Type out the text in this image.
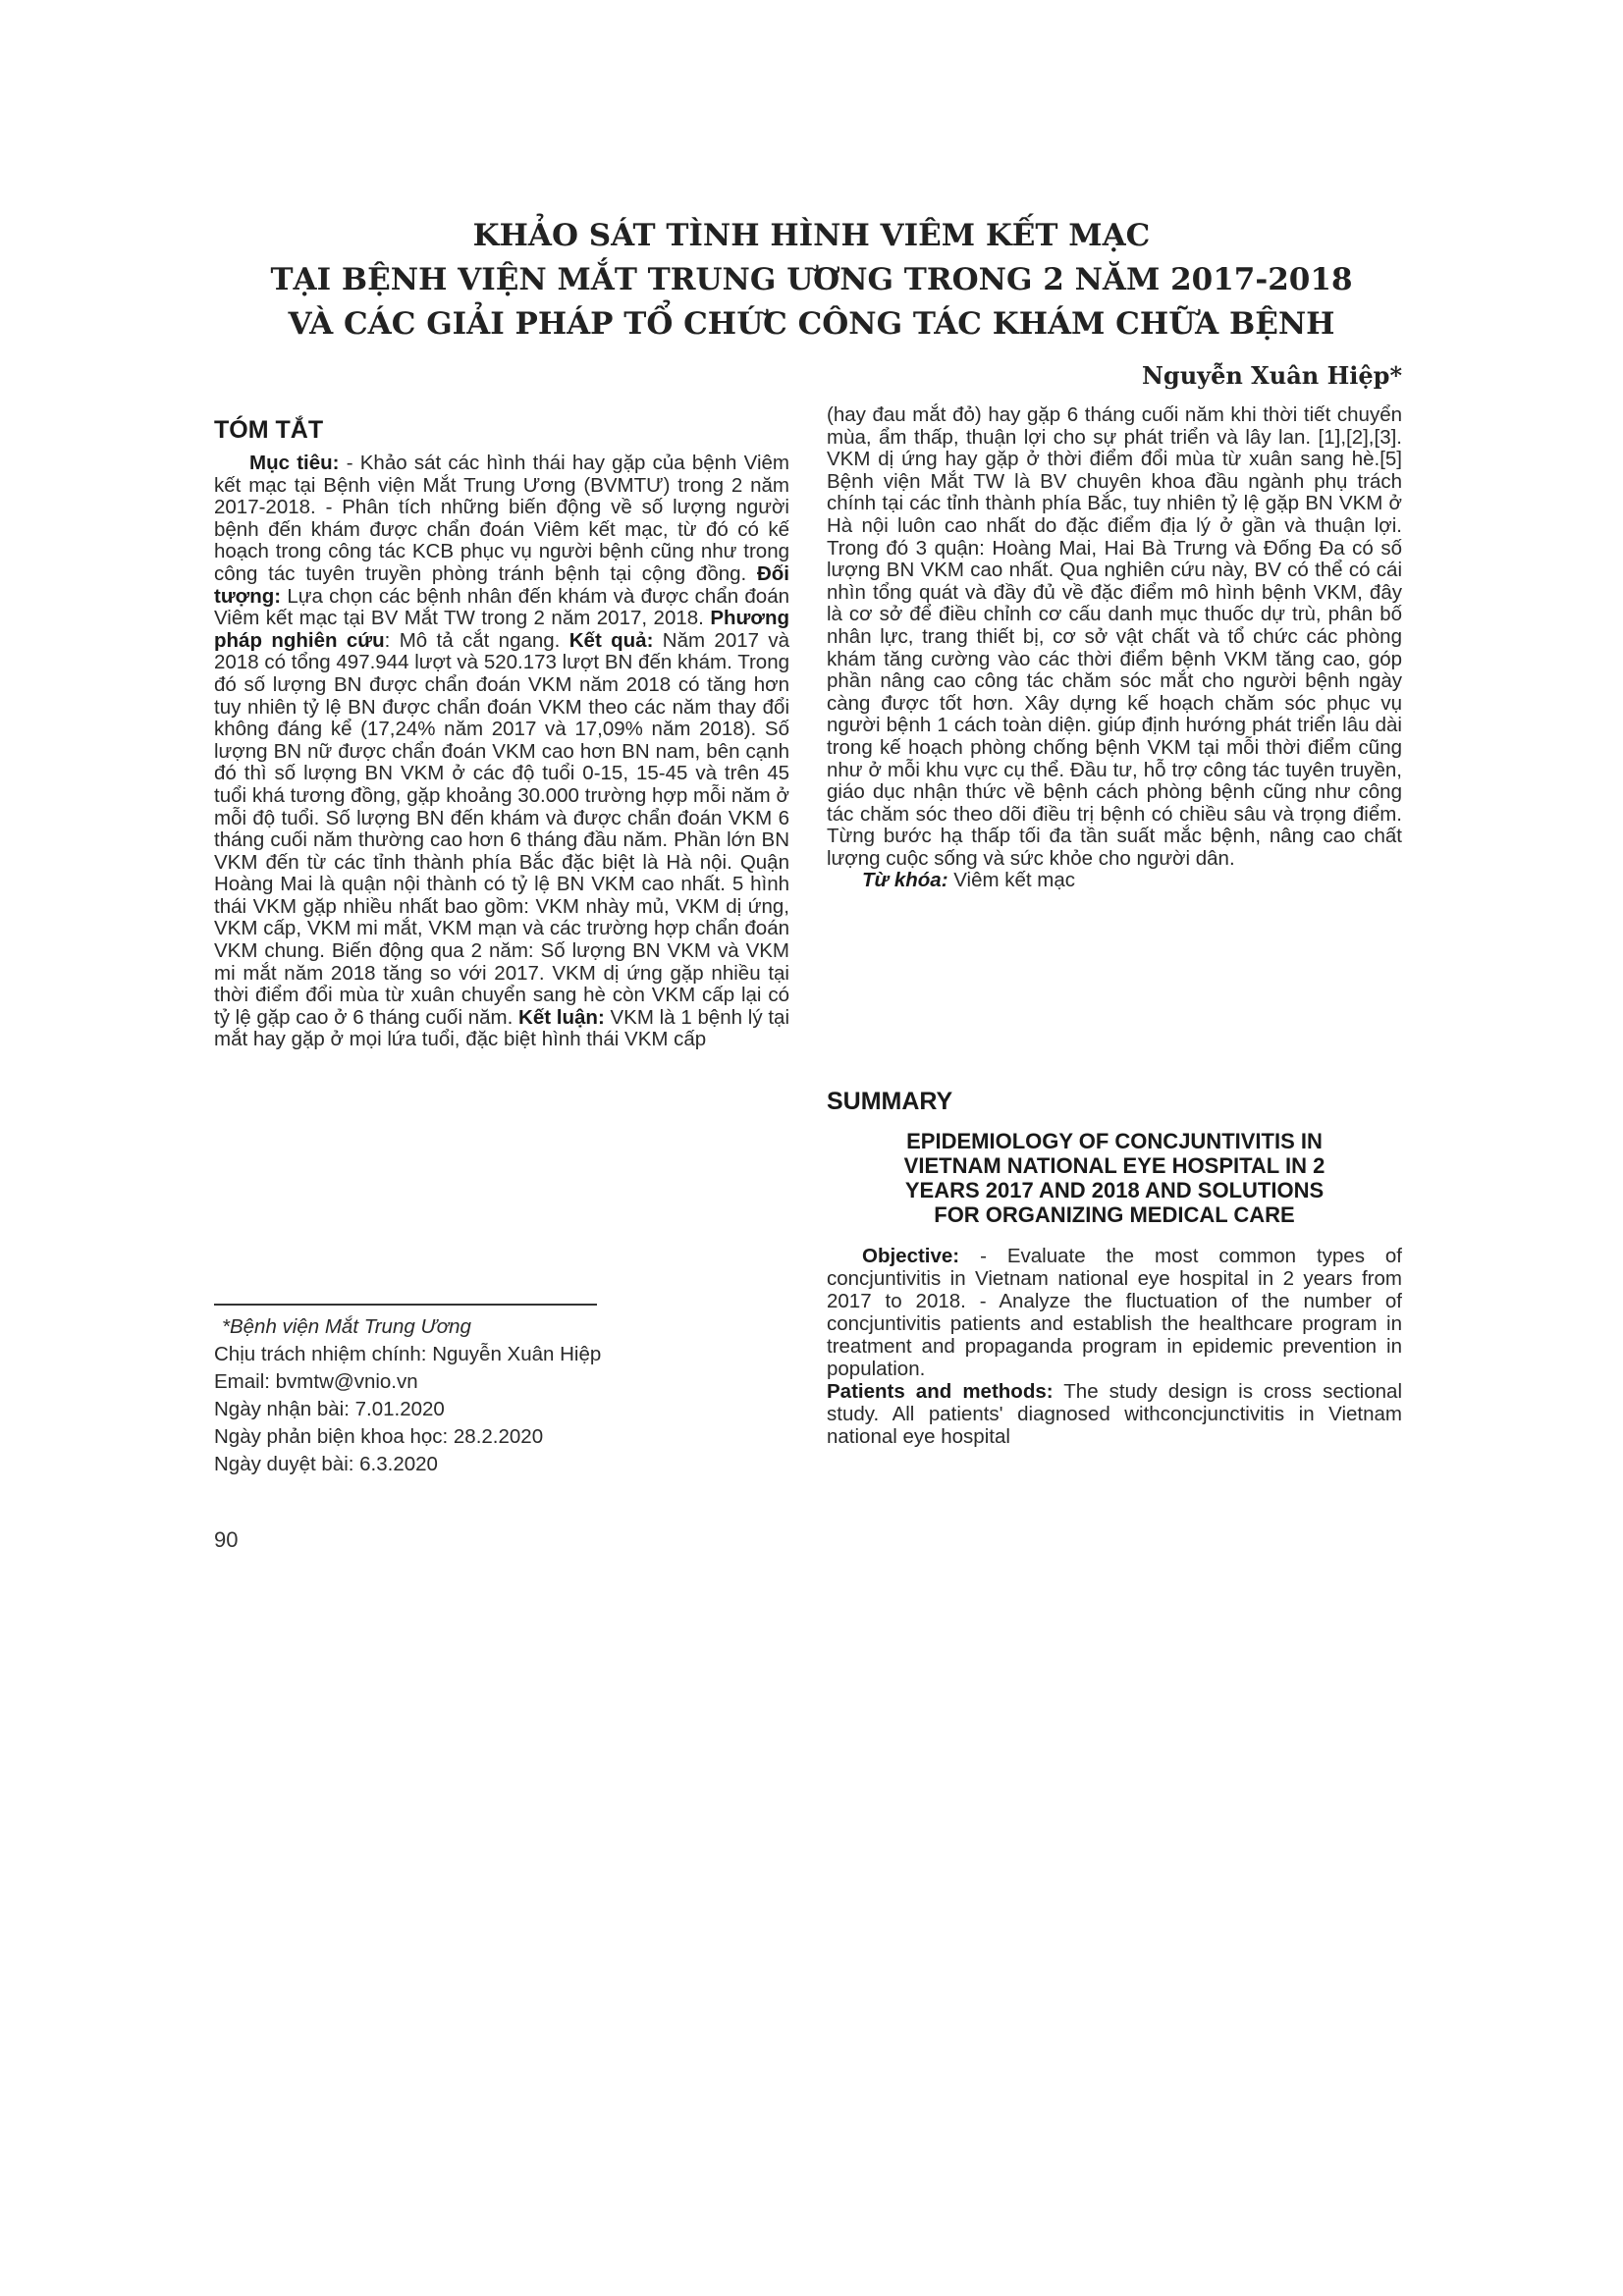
KHẢO SÁT TÌNH HÌNH VIÊM KẾT MẠC
TẠI BỆNH VIỆN MẮT TRUNG ƯƠNG TRONG 2 NĂM 2017-2018
VÀ CÁC GIẢI PHÁP TỔ CHỨC CÔNG TÁC KHÁM CHỮA BỆNH
Nguyễn Xuân Hiệp*
TÓM TẮT

Mục tiêu: - Khảo sát các hình thái hay gặp của bệnh Viêm kết mạc tại Bệnh viện Mắt Trung Ương (BVMTƯ) trong 2 năm 2017-2018. - Phân tích những biến động về số lượng người bệnh đến khám được chẩn đoán Viêm kết mạc, từ đó có kế hoạch trong công tác KCB phục vụ người bệnh cũng như trong công tác tuyên truyền phòng tránh bệnh tại cộng đồng. Đối tượng: Lựa chọn các bệnh nhân đến khám và được chẩn đoán Viêm kết mạc tại BV Mắt TW trong 2 năm 2017, 2018. Phương pháp nghiên cứu: Mô tả cắt ngang. Kết quả: Năm 2017 và 2018 có tổng 497.944 lượt và 520.173 lượt BN đến khám. Trong đó số lượng BN được chẩn đoán VKM năm 2018 có tăng hơn tuy nhiên tỷ lệ BN được chẩn đoán VKM theo các năm thay đổi không đáng kể (17,24% năm 2017 và 17,09% năm 2018). Số lượng BN nữ được chẩn đoán VKM cao hơn BN nam, bên cạnh đó thì số lượng BN VKM ở các độ tuổi 0-15, 15-45 và trên 45 tuổi khá tương đồng, gặp khoảng 30.000 trường hợp mỗi năm ở mỗi độ tuổi. Số lượng BN đến khám và được chẩn đoán VKM 6 tháng cuối năm thường cao hơn 6 tháng đầu năm. Phần lớn BN VKM đến từ các tỉnh thành phía Bắc đặc biệt là Hà nội. Quận Hoàng Mai là quận nội thành có tỷ lệ BN VKM cao nhất. 5 hình thái VKM gặp nhiều nhất bao gồm: VKM nhày mủ, VKM dị ứng, VKM cấp, VKM mi mắt, VKM mạn và các trường hợp chẩn đoán VKM chung. Biến động qua 2 năm: Số lượng BN VKM và VKM mi mắt năm 2018 tăng so với 2017. VKM dị ứng gặp nhiều tại thời điểm đổi mùa từ xuân chuyển sang hè còn VKM cấp lại có tỷ lệ gặp cao ở 6 tháng cuối năm. Kết luận: VKM là 1 bệnh lý tại mắt hay gặp ở mọi lứa tuổi, đặc biệt hình thái VKM cấp

*Bệnh viện Mắt Trung Ương
Chịu trách nhiệm chính: Nguyễn Xuân Hiệp
Email: bvmtw@vnio.vn
Ngày nhận bài: 7.01.2020
Ngày phản biện khoa học: 28.2.2020
Ngày duyệt bài: 6.3.2020
90

(hay đau mắt đỏ) hay gặp 6 tháng cuối năm khi thời tiết chuyển mùa, ẩm thấp, thuận lợi cho sự phát triển và lây lan. [1],[2],[3]. VKM dị ứng hay gặp ở thời điểm đổi mùa từ xuân sang hè.[5] Bệnh viện Mắt TW là BV chuyên khoa đầu ngành phụ trách chính tại các tỉnh thành phía Bắc, tuy nhiên tỷ lệ gặp BN VKM ở Hà nội luôn cao nhất do đặc điểm địa lý ở gần và thuận lợi. Trong đó 3 quận: Hoàng Mai, Hai Bà Trưng và Đống Đa có số lượng BN VKM cao nhất. Qua nghiên cứu này, BV có thể có cái nhìn tổng quát và đầy đủ về đặc điểm mô hình bệnh VKM, đây là cơ sở để điều chỉnh cơ cấu danh mục thuốc dự trù, phân bố nhân lực, trang thiết bị, cơ sở vật chất và tổ chức các phòng khám tăng cường vào các thời điểm bệnh VKM tăng cao, góp phần nâng cao công tác chăm sóc mắt cho người bệnh ngày càng được tốt hơn. Xây dựng kế hoạch chăm sóc phục vụ người bệnh 1 cách toàn diện. giúp định hướng phát triển lâu dài trong kế hoạch phòng chống bệnh VKM tại mỗi thời điểm cũng như ở mỗi khu vực cụ thể. Đầu tư, hỗ trợ công tác tuyên truyền, giáo dục nhận thức về bệnh cách phòng bệnh cũng như công tác chăm sóc theo dõi điều trị bệnh có chiều sâu và trọng điểm. Từng bước hạ thấp tối đa tần suất mắc bệnh, nâng cao chất lượng cuộc sống và sức khỏe cho người dân.

Từ khóa: Viêm kết mạc

SUMMARY
EPIDEMIOLOGY OF CONCJUNTIVITIS IN
VIETNAM NATIONAL EYE HOSPITAL IN 2
YEARS 2017 AND 2018 AND SOLUTIONS
FOR ORGANIZING MEDICAL CARE

Objective: - Evaluate the most common types of concjuntivitis in Vietnam national eye hospital in 2 years from 2017 to 2018. - Analyze the fluctuation of the number of concjuntivitis patients and establish the healthcare program in treatment and propaganda program in epidemic prevention in population.

Patients and methods: The study design is cross sectional study. All patients' diagnosed withconcjunctivitis in Vietnam national eye hospital
